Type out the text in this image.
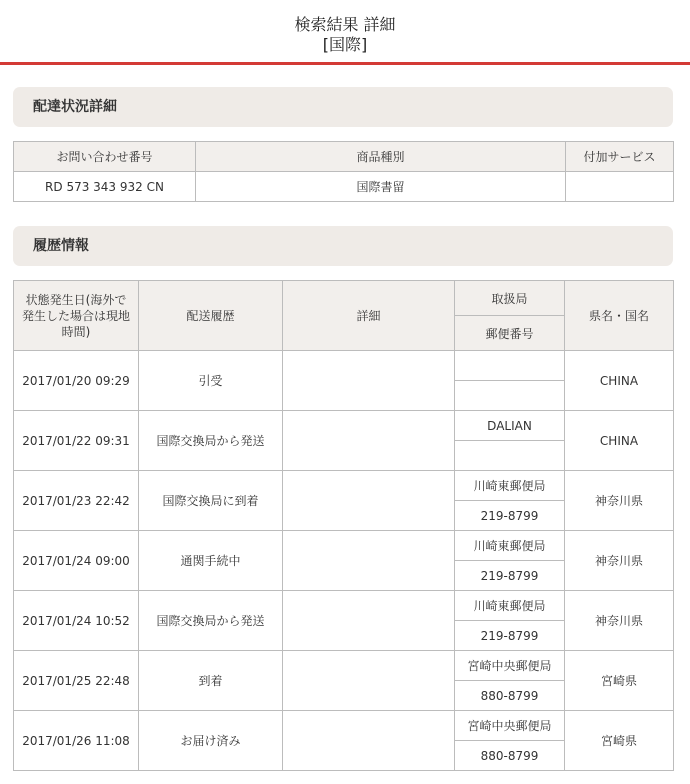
検索結果 詳細
[国際]
配達状況詳細
お問い合わせ番号	商品種別	付加サービス
RD 573 343 932 CN	国際書留	
履歴情報
状態発生日(海外で
発生した場合は現地
時間)	配送履歴	詳細	取扱局	県名・国名
			郵便番号	
2017/01/20 09:29	引受			CHINA

2017/01/22 09:31	国際交換局から発送		DALIAN	CHINA

2017/01/23 22:42	国際交換局に到着		川崎東郵便局	神奈川県
			219-8799	
2017/01/24 09:00	通関手続中		川崎東郵便局	神奈川県
			219-8799	
2017/01/24 10:52	国際交換局から発送		川崎東郵便局	神奈川県
			219-8799	
2017/01/25 22:48	到着		宮崎中央郵便局	宮崎県
			880-8799	
2017/01/26 11:08	お届け済み		宮崎中央郵便局	宮崎県
			880-8799	
